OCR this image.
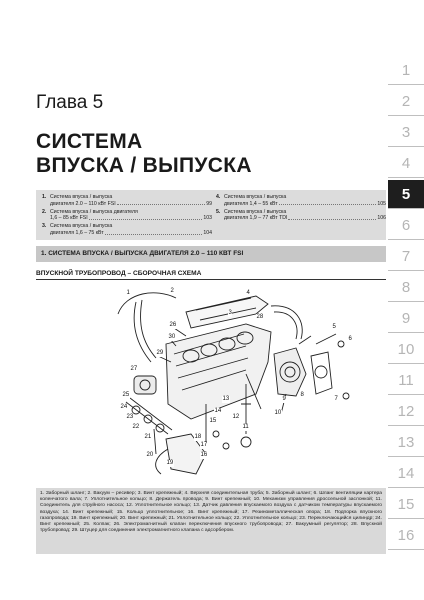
Глава 5
СИСТЕМА
ВПУСКА / ВЫПУСКА
1. Система впуска / выпуска
двигателя 2.0 – 110 кВт FSI	99
2. Система впуска / выпуска двигателя
1,6 – 85 кВт FSI	103
3. Система впуска / выпуска
двигателя 1,6 – 75 кВт	104
4. Система впуска / выпуска
двигателя 1,4 – 55 кВт	105
5. Система впуска / выпуска
двигателя 1,9 – 77 кВт TDI	106
1. СИСТЕМА ВПУСКА / ВЫПУСКА ДВИГАТЕЛЯ 2.0 – 110 КВТ FSI
ВПУСКНОЙ ТРУБОПРОВОД – СБОРОЧНАЯ СХЕМА
26
30
29
27
25
24
23
22
21
20
19
18
16
17
15
14
13
12
11
10
9
8
7
6
5
4
3
2
1
28
1. Заборный шланг; 2. Вакуум – ресивер; 3. Винт крепежный; 4. Верхняя соединительная труба; 5. Заборный шланг; 6. Шланг вентиляции картера коленчатого вала; 7. Уплотнительное кольцо; 8. Держатель провода; 9. Винт крепежный; 10. Механизм управления дроссельной заслонкой; 11. Соединитель для струйного насоса; 12. Уплотнительное кольцо; 13. Датчик давления впускаемого воздуха с датчиком температуры впускаемого воздуха; 14. Винт крепежный; 15. Кольцо уплотнительное; 16. Винт крепежный; 17. Резинометаллическая опора; 18. Подпорка впускного газопровода; 19. Винт крепежный; 20. Винт крепежный; 21. Уплотнительное кольцо; 22. Уплотнительное кольцо; 23. Переключающийся цилиндр; 24. Винт крепежный; 25. Колпак; 26. Электромагнитный клапан переключения впускного трубопровода; 27. Вакуумный регулятор; 28. Впускной трубопровод; 29. Штуцер для соединения электромагнитного клапана с адсорбером.
1
2
3
4
5
6
7
8
9
10
11
12
13
14
15
16
